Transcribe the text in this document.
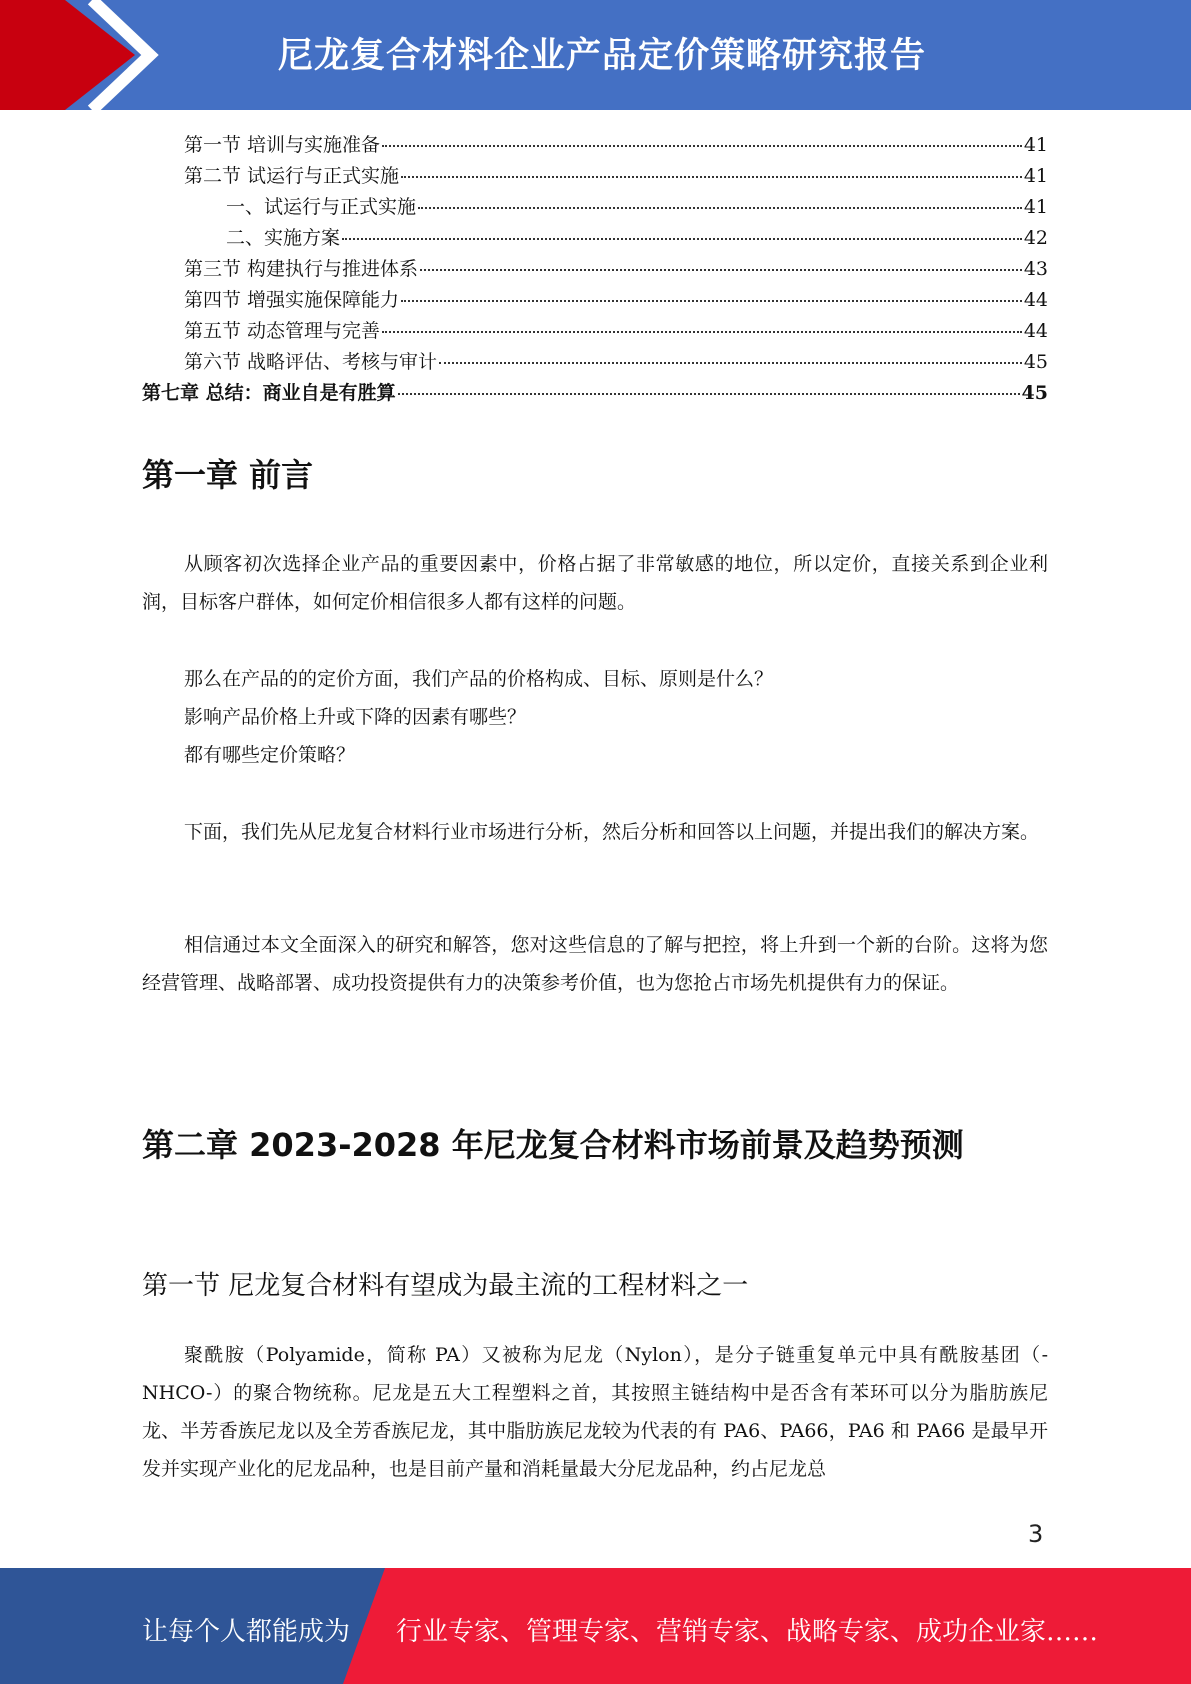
尼龙复合材料企业产品定价策略研究报告
第一节 培训与实施准备	41
第二节 试运行与正式实施	41
一、试运行与正式实施	41
二、实施方案	42
第三节 构建执行与推进体系	43
第四节 增强实施保障能力	44
第五节 动态管理与完善	44
第六节 战略评估、考核与审计	45
第七章 总结：商业自是有胜算	45
第一章 前言

从顾客初次选择企业产品的重要因素中，价格占据了非常敏感的地位，所以定价，直接关系到企业利润，目标客户群体，如何定价相信很多人都有这样的问题。

那么在产品的的定价方面，我们产品的价格构成、目标、原则是什么？

影响产品价格上升或下降的因素有哪些？

都有哪些定价策略？

下面，我们先从尼龙复合材料行业市场进行分析，然后分析和回答以上问题，并提出我们的解决方案。

相信通过本文全面深入的研究和解答，您对这些信息的了解与把控，将上升到一个新的台阶。这将为您经营管理、战略部署、成功投资提供有力的决策参考价值，也为您抢占市场先机提供有力的保证。

第二章 2023-2028 年尼龙复合材料市场前景及趋势预测
第一节 尼龙复合材料有望成为最主流的工程材料之一

聚酰胺（Polyamide，简称 PA）又被称为尼龙（Nylon），是分子链重复单元中具有酰胺基团（-NHCO-）的聚合物统称。尼龙是五大工程塑料之首，其按照主链结构中是否含有苯环可以分为脂肪族尼龙、半芳香族尼龙以及全芳香族尼龙，其中脂肪族尼龙较为代表的有 PA6、PA66，PA6 和 PA66 是最早开发并实现产业化的尼龙品种，也是目前产量和消耗量最大分尼龙品种，约占尼龙总

3
让每个人都能成为 行业专家、管理专家、营销专家、战略专家、成功企业家……
